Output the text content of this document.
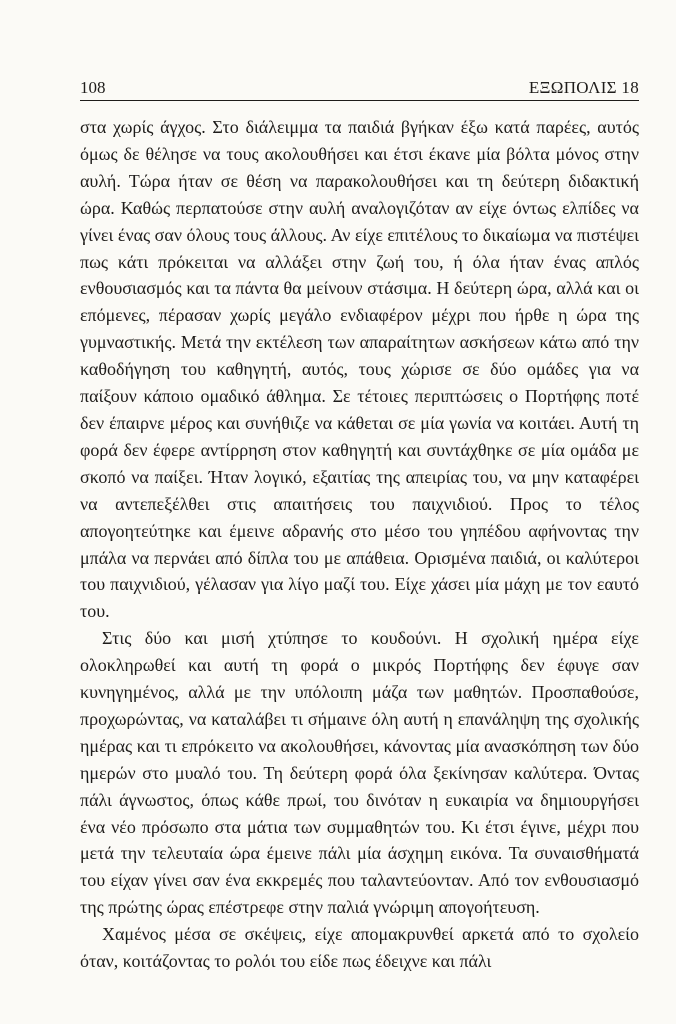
108	ΕΞΩΠΟΛΙΣ 18

στα χωρίς άγχος. Στο διάλειμμα τα παιδιά βγήκαν έξω κατά παρέες, αυτός όμως δε θέλησε να τους ακολουθήσει και έτσι έκανε μία βόλτα μόνος στην αυλή. Τώρα ήταν σε θέση να παρακολουθήσει και τη δεύτερη διδακτική ώρα. Καθώς περπατούσε στην αυλή αναλογιζόταν αν είχε όντως ελπίδες να γίνει ένας σαν όλους τους άλλους. Αν είχε επιτέλους το δικαίωμα να πιστέψει πως κάτι πρόκειται να αλλάξει στην ζωή του, ή όλα ήταν ένας απλός ενθουσιασμός και τα πάντα θα μείνουν στάσιμα. Η δεύτερη ώρα, αλλά και οι επόμενες, πέρασαν χωρίς μεγάλο ενδιαφέρον μέχρι που ήρθε η ώρα της γυμναστικής. Μετά την εκτέλεση των απαραίτητων ασκήσεων κάτω από την καθοδήγηση του καθηγητή, αυτός, τους χώρισε σε δύο ομάδες για να παίξουν κάποιο ομαδικό άθλημα. Σε τέτοιες περιπτώσεις ο Πορτήφης ποτέ δεν έπαιρνε μέρος και συνήθιζε να κάθεται σε μία γωνία να κοιτάει. Αυτή τη φορά δεν έφερε αντίρρηση στον καθηγητή και συντάχθηκε σε μία ομάδα με σκοπό να παίξει. Ήταν λογικό, εξαιτίας της απειρίας του, να μην καταφέρει να αντεπεξέλθει στις απαιτήσεις του παιχνιδιού. Προς το τέλος απογοητεύτηκε και έμεινε αδρανής στο μέσο του γηπέδου αφήνοντας την μπάλα να περνάει από δίπλα του με απάθεια. Ορισμένα παιδιά, οι καλύτεροι του παιχνιδιού, γέλασαν για λίγο μαζί του. Είχε χάσει μία μάχη με τον εαυτό του.

Στις δύο και μισή χτύπησε το κουδούνι. Η σχολική ημέρα είχε ολοκληρωθεί και αυτή τη φορά ο μικρός Πορτήφης δεν έφυγε σαν κυνηγημένος, αλλά με την υπόλοιπη μάζα των μαθητών. Προσπαθούσε, προχωρώντας, να καταλάβει τι σήμαινε όλη αυτή η επανάληψη της σχολικής ημέρας και τι επρόκειτο να ακολουθήσει, κάνοντας μία ανασκόπηση των δύο ημερών στο μυαλό του. Τη δεύτερη φορά όλα ξεκίνησαν καλύτερα. Όντας πάλι άγνωστος, όπως κάθε πρωί, του δινόταν η ευκαιρία να δημιουργήσει ένα νέο πρόσωπο στα μάτια των συμμαθητών του. Κι έτσι έγινε, μέχρι που μετά την τελευταία ώρα έμεινε πάλι μία άσχημη εικόνα. Τα συναισθήματά του είχαν γίνει σαν ένα εκκρεμές που ταλαντεύονταν. Από τον ενθουσιασμό της πρώτης ώρας επέστρεφε στην παλιά γνώριμη απογοήτευση.

Χαμένος μέσα σε σκέψεις, είχε απομακρυνθεί αρκετά από το σχολείο όταν, κοιτάζοντας το ρολόι του είδε πως έδειχνε και πάλι
